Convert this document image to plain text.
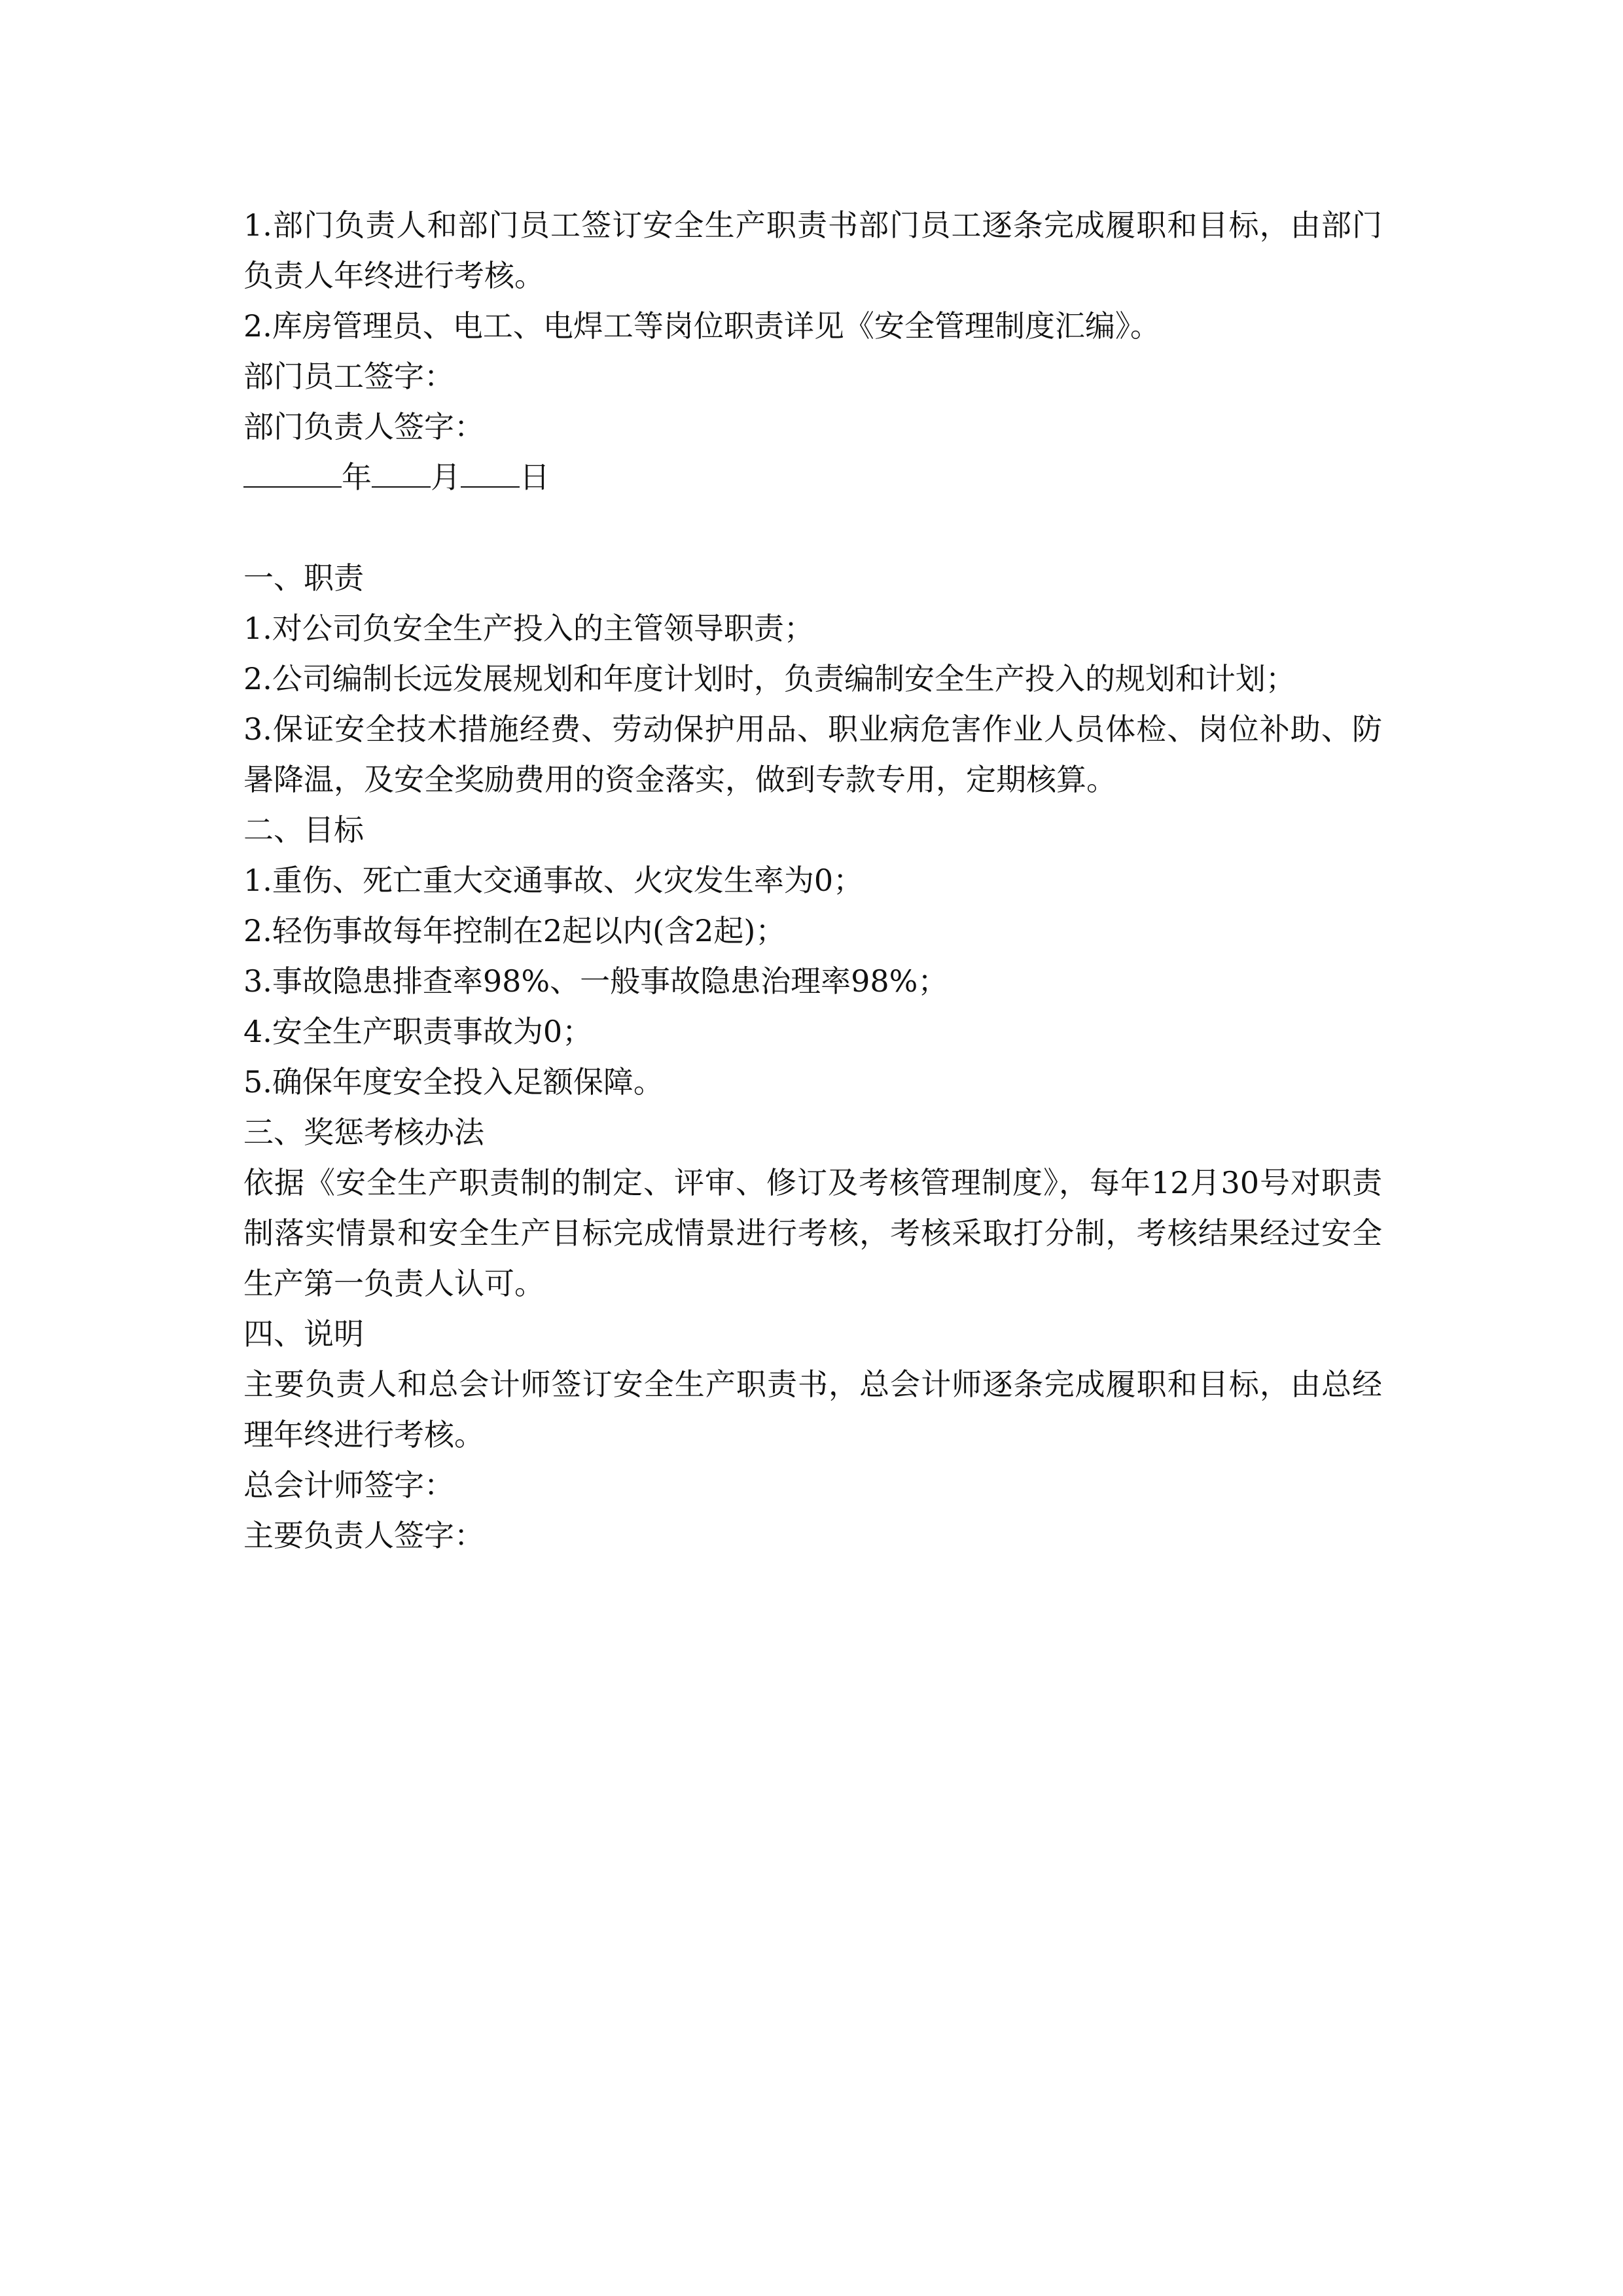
1.部门负责人和部门员工签订安全生产职责书部门员工逐条完成履职和目标，由部门负责人年终进行考核。
2.库房管理员、电工、电焊工等岗位职责详见《安全管理制度汇编》。
部门员工签字：
部门负责人签字：
年 月 日
一、职责
1.对公司负安全生产投入的主管领导职责；
2.公司编制长远发展规划和年度计划时，负责编制安全生产投入的规划和计划；
3.保证安全技术措施经费、劳动保护用品、职业病危害作业人员体检、岗位补助、防暑降温，及安全奖励费用的资金落实，做到专款专用，定期核算。
二、目标
1.重伤、死亡重大交通事故、火灾发生率为0；
2.轻伤事故每年控制在2起以内(含2起)；
3.事故隐患排查率98%、一般事故隐患治理率98%；
4.安全生产职责事故为0；
5.确保年度安全投入足额保障。
三、奖惩考核办法
依据《安全生产职责制的制定、评审、修订及考核管理制度》，每年12月30号对职责制落实情景和安全生产目标完成情景进行考核，考核采取打分制，考核结果经过安全生产第一负责人认可。
四、说明
主要负责人和总会计师签订安全生产职责书，总会计师逐条完成履职和目标，由总经理年终进行考核。
总会计师签字：
主要负责人签字：
